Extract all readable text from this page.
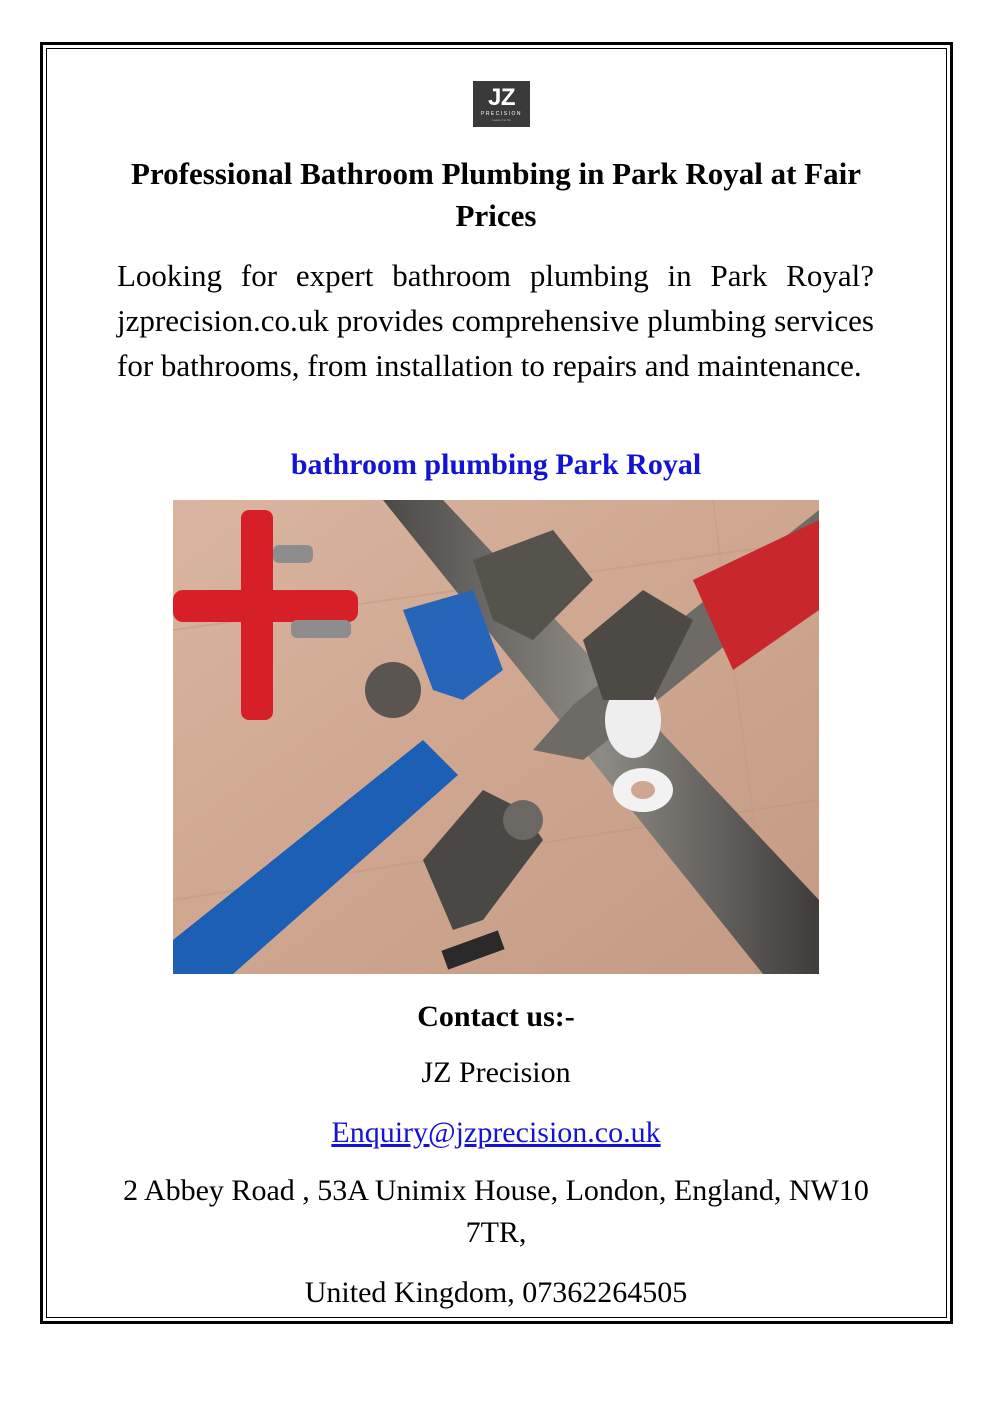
JZ
PRECISION
Leave it to Us
Professional Bathroom Plumbing in Park Royal at Fair Prices
Looking for expert bathroom plumbing in Park Royal? jzprecision.co.uk provides comprehensive plumbing services for bathrooms, from installation to repairs and maintenance.
bathroom plumbing Park Royal
Contact us:-
JZ Precision
Enquiry@jzprecision.co.uk
2 Abbey Road , 53A Unimix House, London, England, NW10 7TR,
United Kingdom, 07362264505
